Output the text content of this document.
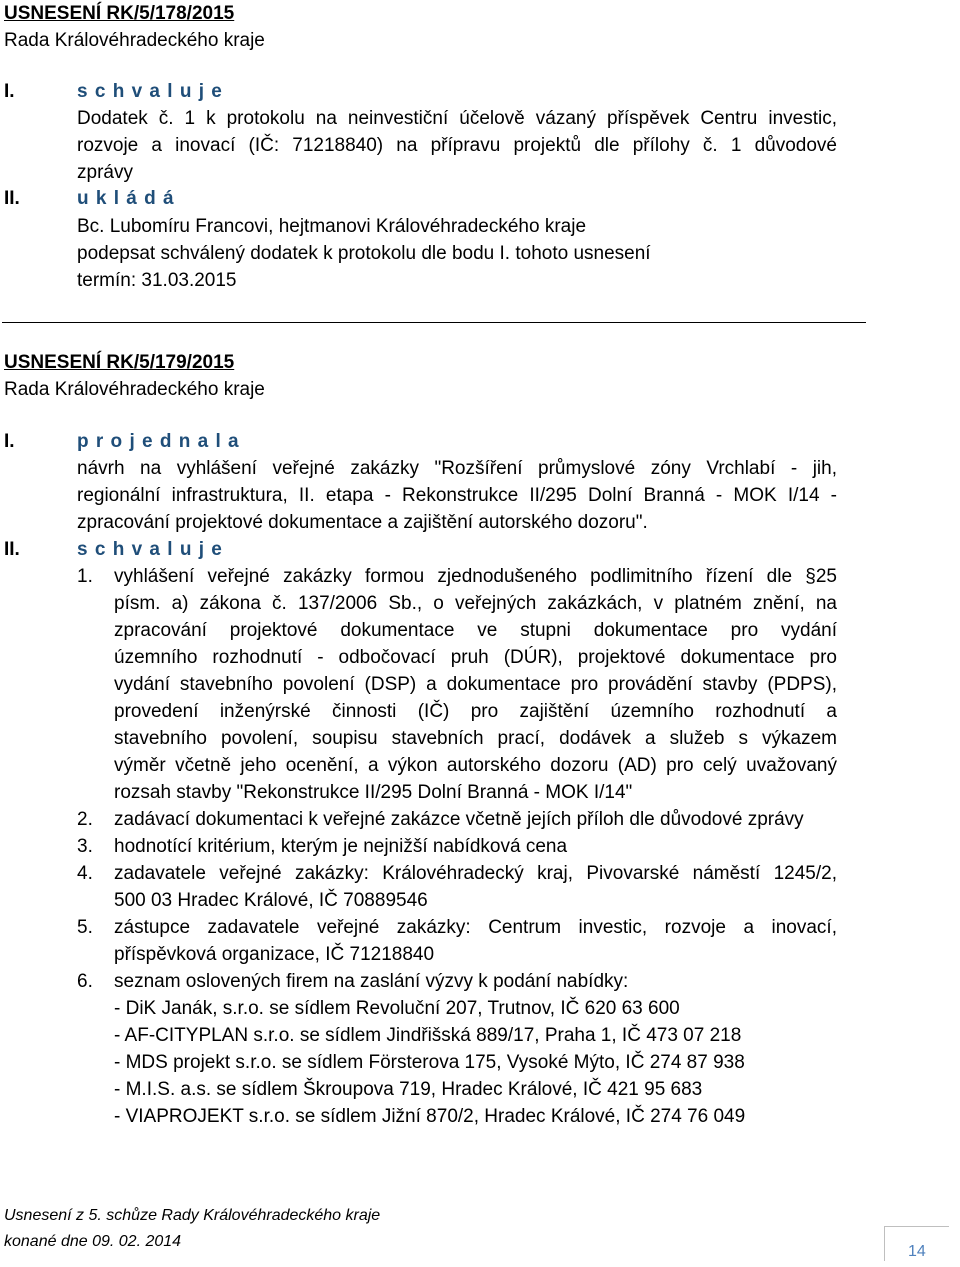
USNESENÍ RK/5/178/2015
Rada Královéhradeckého kraje
I.	s c h v a l u j e
Dodatek č. 1 k protokolu na neinvestiční účelově vázaný příspěvek Centru investic,
rozvoje a inovací (IČ: 71218840) na přípravu projektů dle přílohy č. 1 důvodové
zprávy
II.	u k l á d á
Bc. Lubomíru Francovi, hejtmanovi Královéhradeckého kraje
podepsat schválený dodatek k protokolu dle bodu I. tohoto usnesení
termín: 31.03.2015
USNESENÍ RK/5/179/2015
Rada Královéhradeckého kraje
I.	p r o j e d n a l a
návrh na vyhlášení veřejné zakázky "Rozšíření průmyslové zóny Vrchlabí - jih,
regionální infrastruktura, II. etapa - Rekonstrukce II/295 Dolní Branná - MOK I/14 -
zpracování projektové dokumentace a zajištění autorského dozoru".
II.	s c h v a l u j e
1. vyhlášení veřejné zakázky formou zjednodušeného podlimitního řízení dle §25
písm. a) zákona č. 137/2006 Sb., o veřejných zakázkách, v platném znění, na
zpracování projektové dokumentace ve stupni dokumentace pro vydání
územního rozhodnutí - odbočovací pruh (DÚR), projektové dokumentace pro
vydání stavebního povolení (DSP) a dokumentace pro provádění stavby (PDPS),
provedení inženýrské činnosti (IČ) pro zajištění územního rozhodnutí a
stavebního povolení, soupisu stavebních prací, dodávek a služeb s výkazem
výměr včetně jeho ocenění, a výkon autorského dozoru (AD) pro celý uvažovaný
rozsah stavby "Rekonstrukce II/295 Dolní Branná - MOK I/14"
2. zadávací dokumentaci k veřejné zakázce včetně jejích příloh dle důvodové zprávy
3. hodnotící kritérium, kterým je nejnižší nabídková cena
4. zadavatele veřejné zakázky: Královéhradecký kraj, Pivovarské náměstí 1245/2,
500 03 Hradec Králové, IČ 70889546
5. zástupce zadavatele veřejné zakázky: Centrum investic, rozvoje a inovací,
příspěvková organizace, IČ 71218840
6. seznam oslovených firem na zaslání výzvy k podání nabídky:
- DiK Janák, s.r.o. se sídlem Revoluční 207, Trutnov, IČ 620 63 600
- AF-CITYPLAN s.r.o. se sídlem Jindřišská 889/17, Praha 1, IČ 473 07 218
- MDS projekt s.r.o. se sídlem Försterova 175, Vysoké Mýto, IČ 274 87 938
- M.I.S. a.s. se sídlem Škroupova 719, Hradec Králové, IČ 421 95 683
- VIAPROJEKT s.r.o. se sídlem Jižní 870/2, Hradec Králové, IČ 274 76 049
Usnesení z 5. schůze Rady Královéhradeckého kraje
konané dne 09. 02. 2014
14
